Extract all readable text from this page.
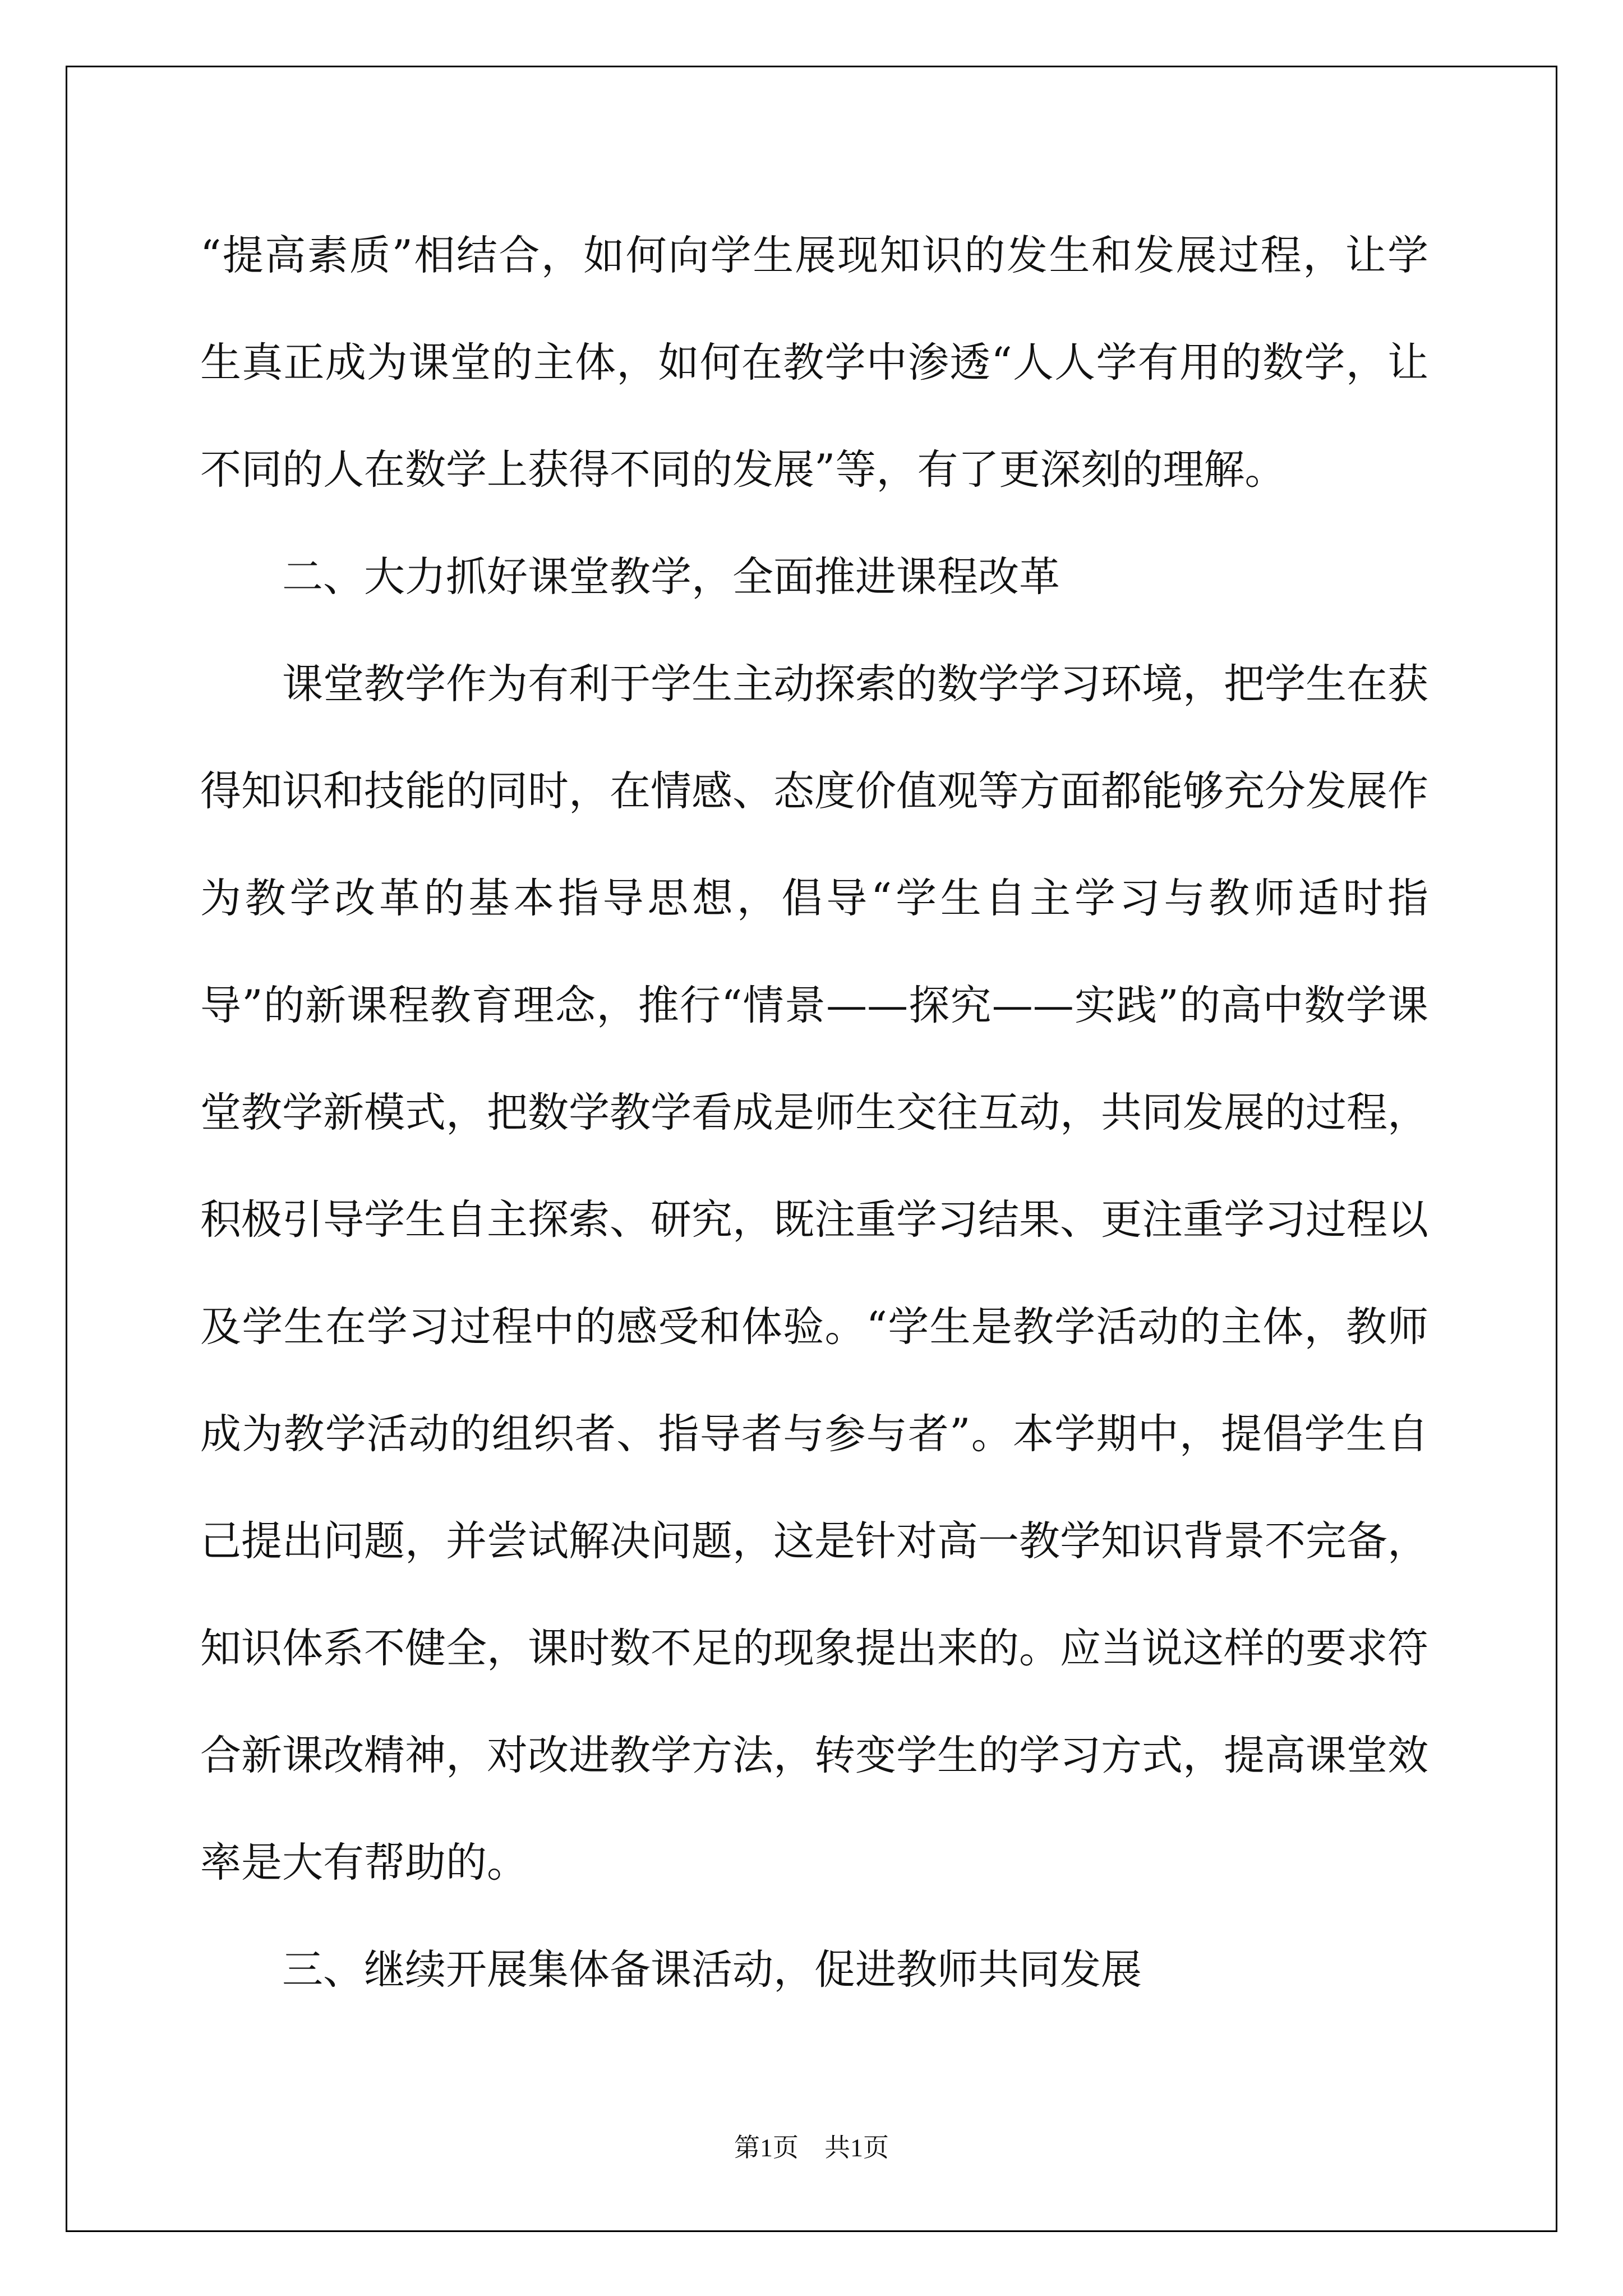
“提高素质”相结合，如何向学生展现知识的发生和发展过程，让学生真正成为课堂的主体，如何在教学中渗透“人人学有用的数学，让不同的人在数学上获得不同的发展”等，有了更深刻的理解。

二、大力抓好课堂教学，全面推进课程改革

课堂教学作为有利于学生主动探索的数学学习环境，把学生在获得知识和技能的同时，在情感、态度价值观等方面都能够充分发展作为教学改革的基本指导思想，倡导“学生自主学习与教师适时指导”的新课程教育理念，推行“情景——探究——实践”的高中数学课堂教学新模式，把数学教学看成是师生交往互动，共同发展的过程，积极引导学生自主探索、研究，既注重学习结果、更注重学习过程以及学生在学习过程中的感受和体验。“学生是教学活动的主体，教师成为教学活动的组织者、指导者与参与者”。本学期中，提倡学生自己提出问题，并尝试解决问题，这是针对高一教学知识背景不完备，知识体系不健全，课时数不足的现象提出来的。应当说这样的要求符合新课改精神，对改进教学方法，转变学生的学习方式，提高课堂效率是大有帮助的。

三、继续开展集体备课活动，促进教师共同发展

第1页　共1页
